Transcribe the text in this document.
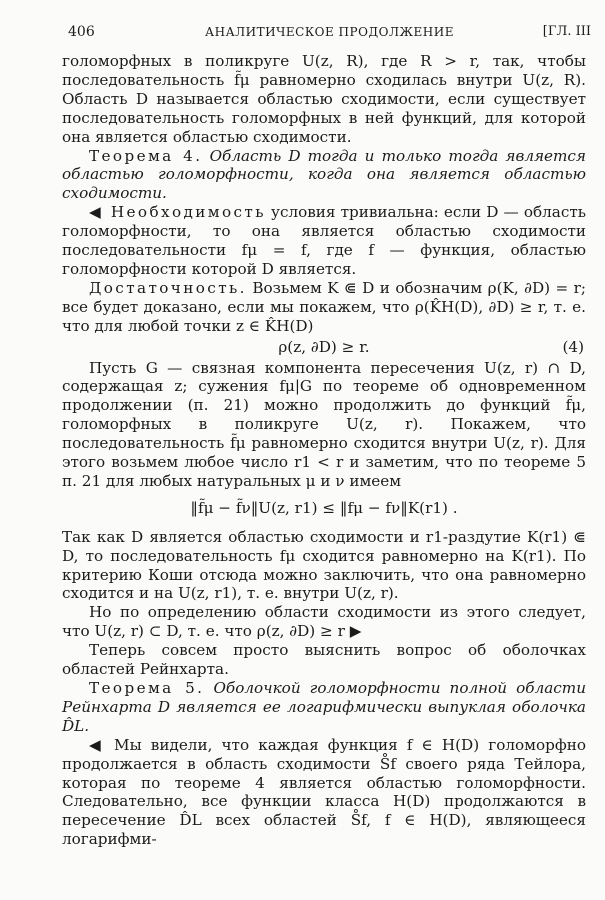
406	АНАЛИТИЧЕСКОЕ ПРОДОЛЖЕНИЕ	[ГЛ. III

голоморфных в поликруге U(z, R), где R > r, так, чтобы последовательность f̃μ равномерно сходилась внутри U(z, R). Область D называется областью сходимости, если существует последовательность голоморфных в ней функций, для которой она является областью сходимости.

Теорема 4. Область D тогда и только тогда является областью голоморфности, когда она является областью сходимости.

◀ Необходимость условия тривиальна: если D — область голоморфности, то она является областью сходимости последовательности fμ = f, где f — функция, областью голоморфности которой D является.

Достаточность. Возьмем K ⋐ D и обозначим ρ(K, ∂D) = r; все будет доказано, если мы покажем, что ρ(K̂H(D), ∂D) ≥ r, т. е. что для любой точки z ∈ K̂H(D)

ρ(z, ∂D) ≥ r.	(4)

Пусть G — связная компонента пересечения U(z, r) ∩ D, содержащая z; сужения fμ|G по теореме об одновременном продолжении (п. 21) можно продолжить до функций f̃μ, голоморфных в поликруге U(z, r). Покажем, что последовательность f̃μ равномерно сходится внутри U(z, r). Для этого возьмем любое число r1 < r и заметим, что по теореме 5 п. 21 для любых натуральных μ и ν имеем

‖f̃μ − f̃ν‖U(z, r1) ≤ ‖fμ − fν‖K(r1) .

Так как D является областью сходимости и r1-раздутие K(r1) ⋐ D, то последовательность fμ сходится равномерно на K(r1). По критерию Коши отсюда можно заключить, что она равномерно сходится и на U(z, r1), т. е. внутри U(z, r).

Но по определению области сходимости из этого следует, что U(z, r) ⊂ D, т. е. что ρ(z, ∂D) ≥ r ▶

Теперь совсем просто выяснить вопрос об оболочках областей Рейнхарта.

Теорема 5. Оболочкой голоморфности полной области Рейнхарта D является ее логарифмически выпуклая оболочка D̂L.

◀ Мы видели, что каждая функция f ∈ H(D) голоморфно продолжается в область сходимости S̊f своего ряда Тейлора, которая по теореме 4 является областью голоморфности. Следовательно, все функции класса H(D) продолжаются в пересечение D̂L всех областей S̊f, f ∈ H(D), являющееся логарифми-
